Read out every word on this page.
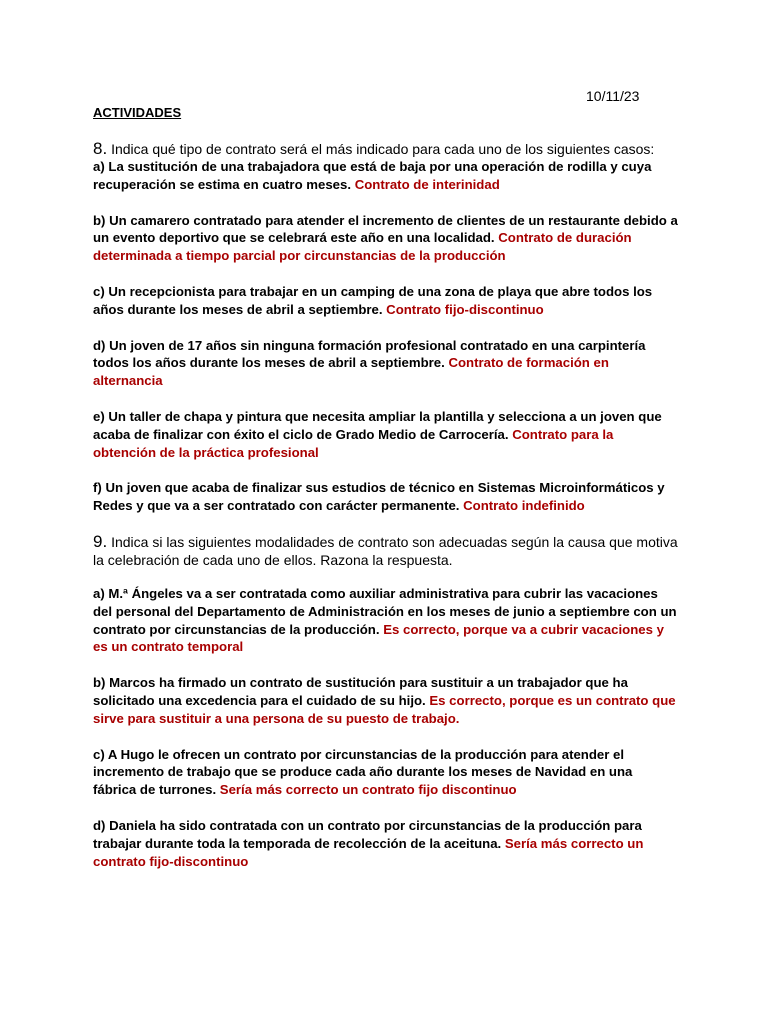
10/11/23
ACTIVIDADES

8. Indica qué tipo de contrato será el más indicado para cada uno de los siguientes casos:

a) La sustitución de una trabajadora que está de baja por una operación de rodilla y cuya recuperación se estima en cuatro meses. Contrato de interinidad

b) Un camarero contratado para atender el incremento de clientes de un restaurante debido a un evento deportivo que se celebrará este año en una localidad. Contrato de duración determinada a tiempo parcial por circunstancias de la producción

c) Un recepcionista para trabajar en un camping de una zona de playa que abre todos los años durante los meses de abril a septiembre. Contrato fijo-discontinuo

d) Un joven de 17 años sin ninguna formación profesional contratado en una carpintería todos los años durante los meses de abril a septiembre. Contrato de formación en alternancia

e) Un taller de chapa y pintura que necesita ampliar la plantilla y selecciona a un joven que acaba de finalizar con éxito el ciclo de Grado Medio de Carrocería. Contrato para la obtención de la práctica profesional

f) Un joven que acaba de finalizar sus estudios de técnico en Sistemas Microinformáticos y Redes y que va a ser contratado con carácter permanente. Contrato indefinido

9. Indica si las siguientes modalidades de contrato son adecuadas según la causa que motiva la celebración de cada uno de ellos. Razona la respuesta.

a) M.ª Ángeles va a ser contratada como auxiliar administrativa para cubrir las vacaciones del personal del Departamento de Administración en los meses de junio a septiembre con un contrato por circunstancias de la producción. Es correcto, porque va a cubrir vacaciones y es un contrato temporal

b) Marcos ha firmado un contrato de sustitución para sustituir a un trabajador que ha solicitado una excedencia para el cuidado de su hijo. Es correcto, porque es un contrato que sirve para sustituir a una persona de su puesto de trabajo.

c) A Hugo le ofrecen un contrato por circunstancias de la producción para atender el incremento de trabajo que se produce cada año durante los meses de Navidad en una fábrica de turrones. Sería más correcto un contrato fijo discontinuo

d) Daniela ha sido contratada con un contrato por circunstancias de la producción para trabajar durante toda la temporada de recolección de la aceituna. Sería más correcto un contrato fijo-discontinuo
